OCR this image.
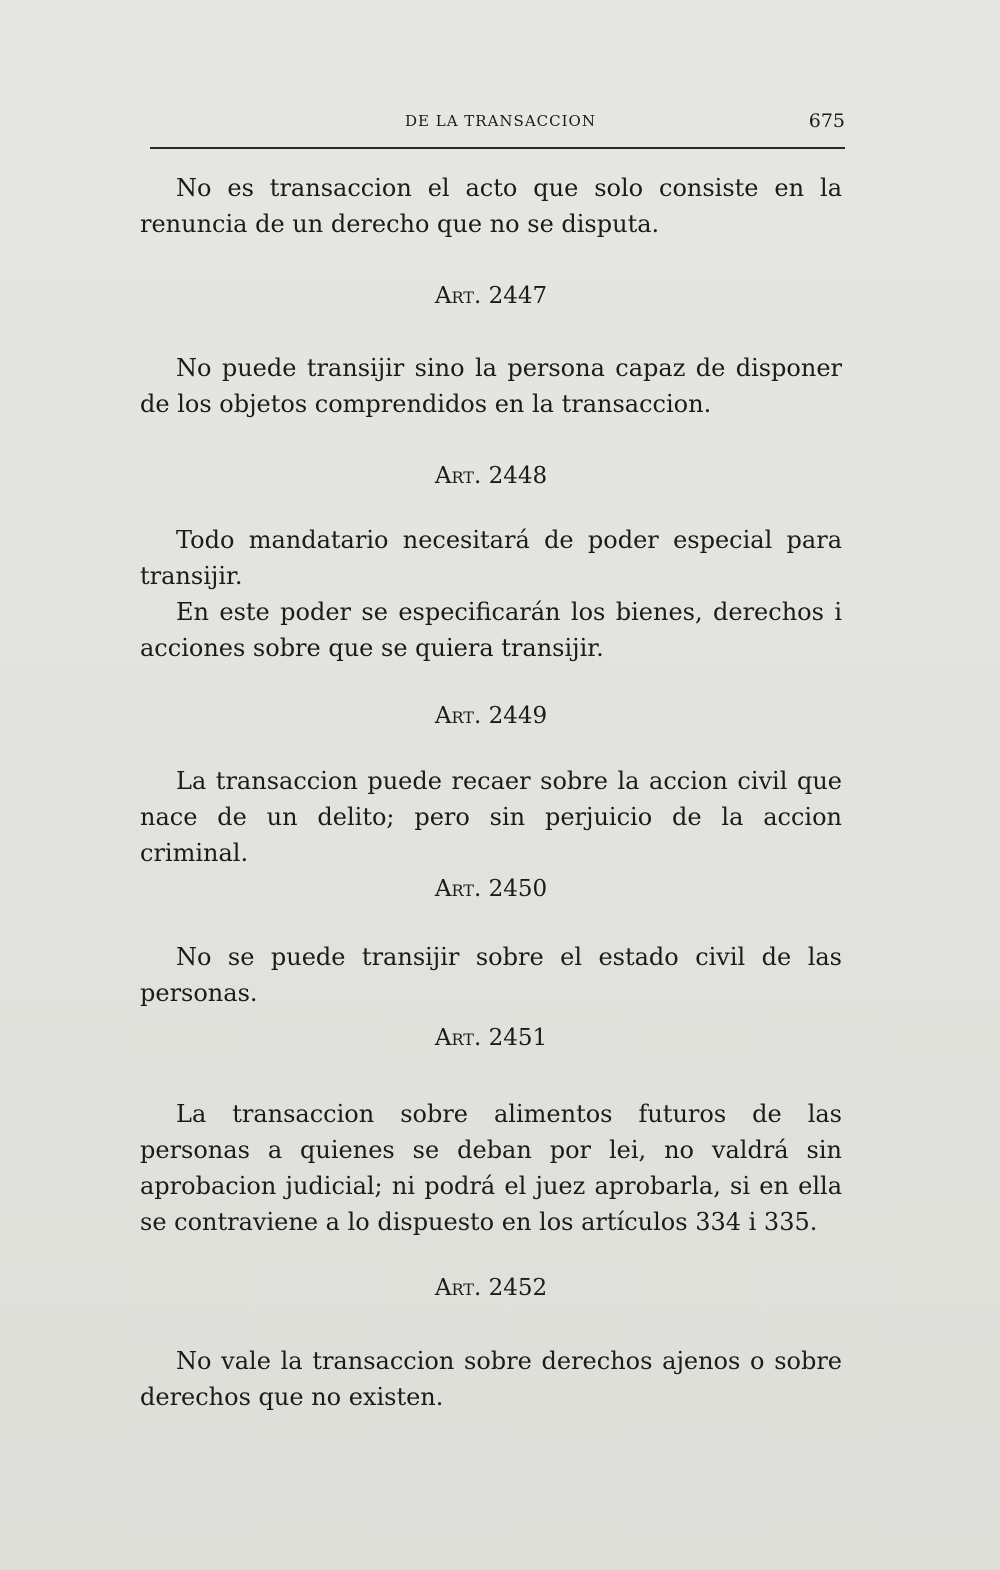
DE LA TRANSACCION	675

No es transaccion el acto que solo consiste en la renuncia de un derecho que no se disputa.

Art. 2447

No puede transijir sino la persona capaz de disponer de los objetos comprendidos en la transaccion.

Art. 2448

Todo mandatario necesitará de poder especial para transijir.

En este poder se especificarán los bienes, derechos i acciones sobre que se quiera transijir.

Art. 2449

La transaccion puede recaer sobre la accion civil que nace de un delito; pero sin perjuicio de la accion criminal.

Art. 2450

No se puede transijir sobre el estado civil de las personas.

Art. 2451

La transaccion sobre alimentos futuros de las personas a quienes se deban por lei, no valdrá sin aprobacion judicial; ni podrá el juez aprobarla, si en ella se contraviene a lo dispuesto en los artículos 334 i 335.

Art. 2452

No vale la transaccion sobre derechos ajenos o sobre derechos que no existen.
